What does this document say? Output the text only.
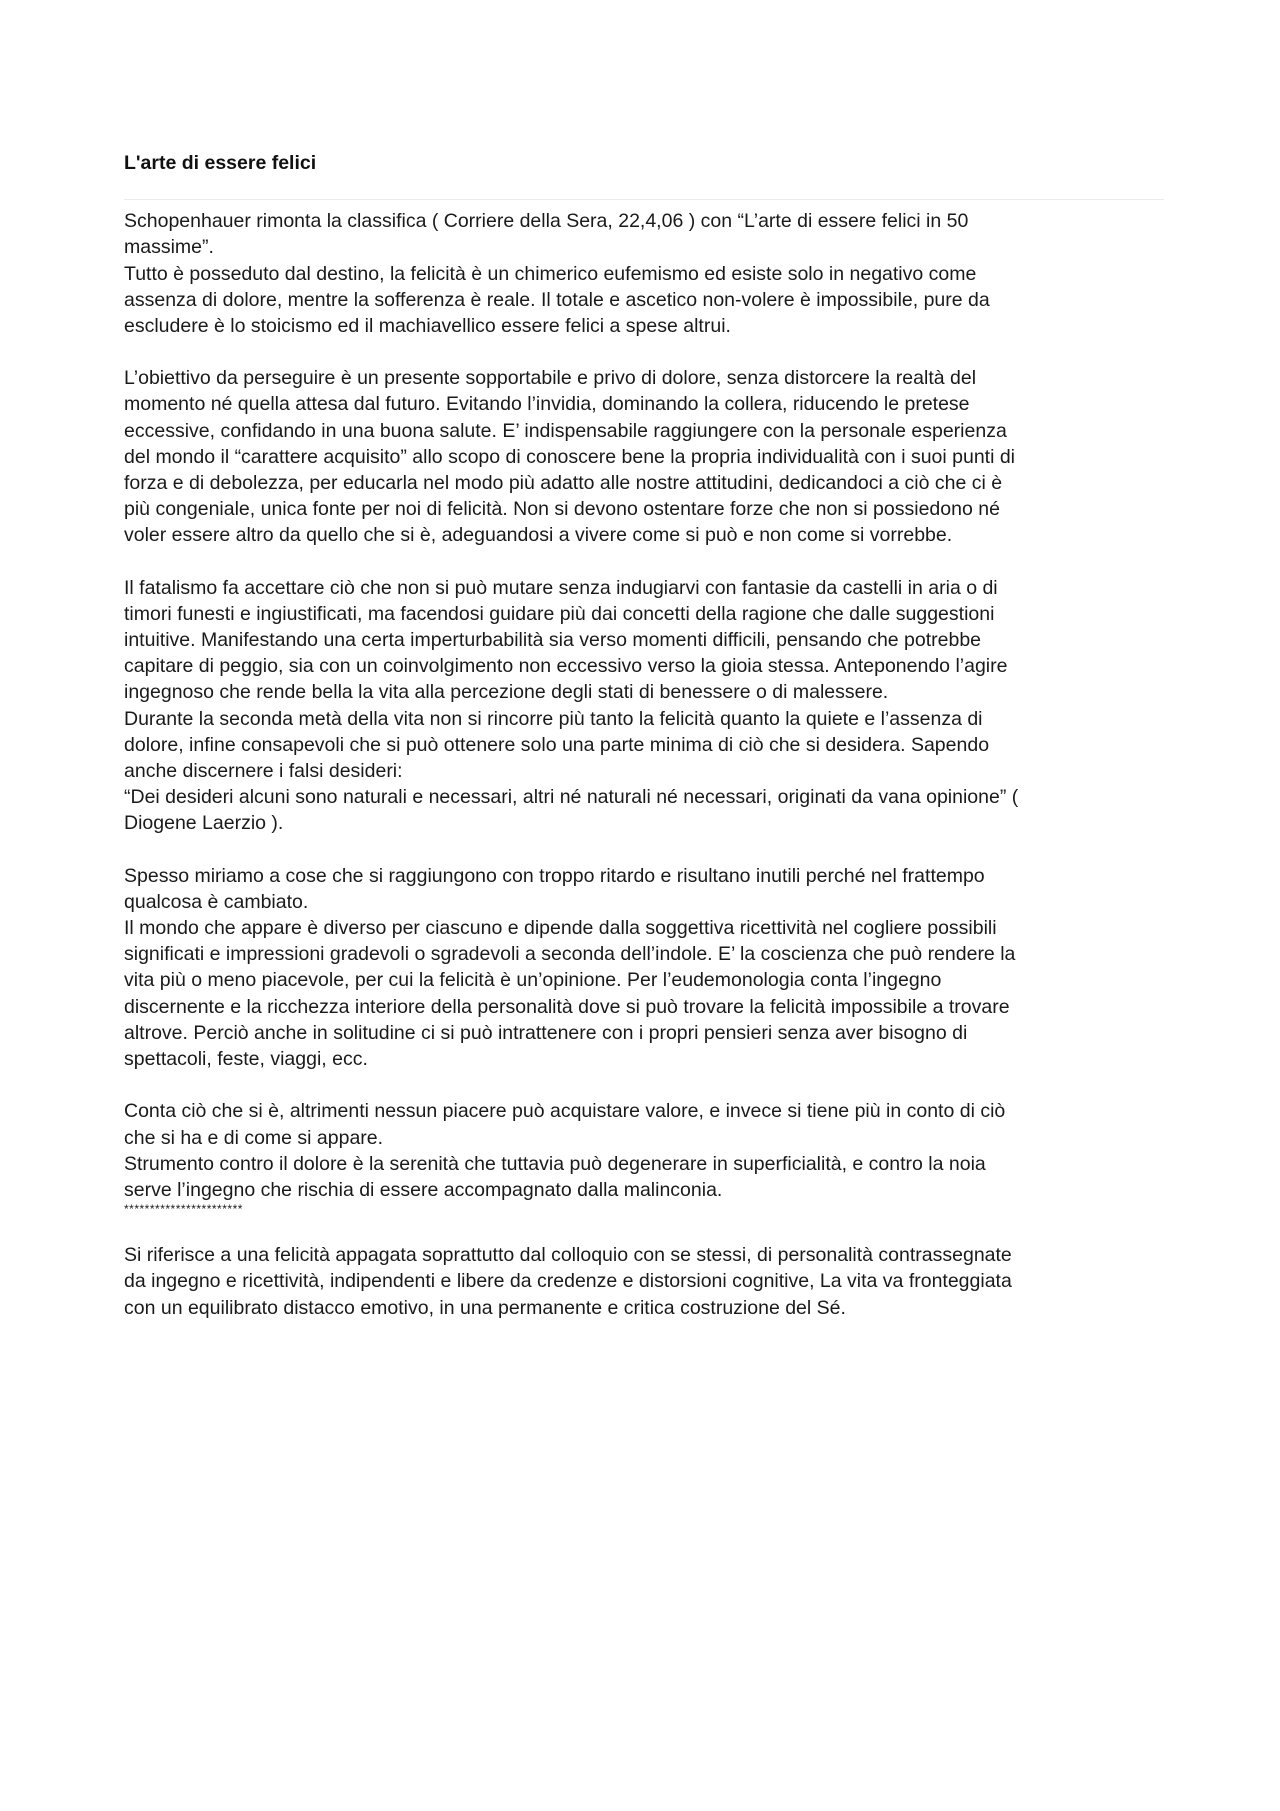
L'arte di essere felici
Schopenhauer rimonta la classifica ( Corriere della Sera, 22,4,06 ) con “L’arte di essere felici in 50
massime”.
Tutto è posseduto dal destino, la felicità è un chimerico eufemismo ed esiste solo in negativo come
assenza di dolore, mentre la sofferenza è reale. Il totale e ascetico non-volere è impossibile, pure da
escludere è lo stoicismo ed il machiavellico essere felici a spese altrui.
L’obiettivo da perseguire è un presente sopportabile e privo di dolore, senza distorcere la realtà del
momento né quella attesa dal futuro. Evitando l’invidia, dominando la collera, riducendo le pretese
eccessive, confidando in una buona salute. E’ indispensabile raggiungere con la personale esperienza
del mondo il “carattere acquisito” allo scopo di conoscere bene la propria individualità con i suoi punti di
forza e di debolezza, per educarla nel modo più adatto alle nostre attitudini, dedicandoci a ciò che ci è
più congeniale, unica fonte per noi di felicità. Non si devono ostentare forze che non si possiedono né
voler essere altro da quello che si è, adeguandosi a vivere come si può e non come si vorrebbe.
Il fatalismo fa accettare ciò che non si può mutare senza indugiarvi con fantasie da castelli in aria o di
timori funesti e ingiustificati, ma facendosi guidare più dai concetti della ragione che dalle suggestioni
intuitive. Manifestando una certa imperturbabilità sia verso momenti difficili, pensando che potrebbe
capitare di peggio, sia con un coinvolgimento non eccessivo verso la gioia stessa. Anteponendo l’agire
ingegnoso che rende bella la vita alla percezione degli stati di benessere o di malessere.
Durante la seconda metà della vita non si rincorre più tanto la felicità quanto la quiete e l’assenza di
dolore, infine consapevoli che si può ottenere solo una parte minima di ciò che si desidera. Sapendo
anche discernere i falsi desideri:
“Dei desideri alcuni sono naturali e necessari, altri né naturali né necessari, originati da vana opinione” (
Diogene Laerzio ).
Spesso miriamo a cose che si raggiungono con troppo ritardo e risultano inutili perché nel frattempo
qualcosa è cambiato.
Il mondo che appare è diverso per ciascuno e dipende dalla soggettiva ricettività nel cogliere possibili
significati e impressioni gradevoli o sgradevoli a seconda dell’indole. E’ la coscienza che può rendere la
vita più o meno piacevole, per cui la felicità è un’opinione. Per l’eudemonologia conta l’ingegno
discernente e la ricchezza interiore della personalità dove si può trovare la felicità impossibile a trovare
altrove. Perciò anche in solitudine ci si può intrattenere con i propri pensieri senza aver bisogno di
spettacoli, feste, viaggi, ecc.
Conta ciò che si è, altrimenti nessun piacere può acquistare valore, e invece si tiene più in conto di ciò
che si ha e di come si appare.
Strumento contro il dolore è la serenità che tuttavia può degenerare in superficialità, e contro la noia
serve l’ingegno che rischia di essere accompagnato dalla malinconia.
***********************
Si riferisce a una felicità appagata soprattutto dal colloquio con se stessi, di personalità contrassegnate
da ingegno e ricettività, indipendenti e libere da credenze e distorsioni cognitive, La vita va fronteggiata
con un equilibrato distacco emotivo, in una permanente e critica costruzione del Sé.
